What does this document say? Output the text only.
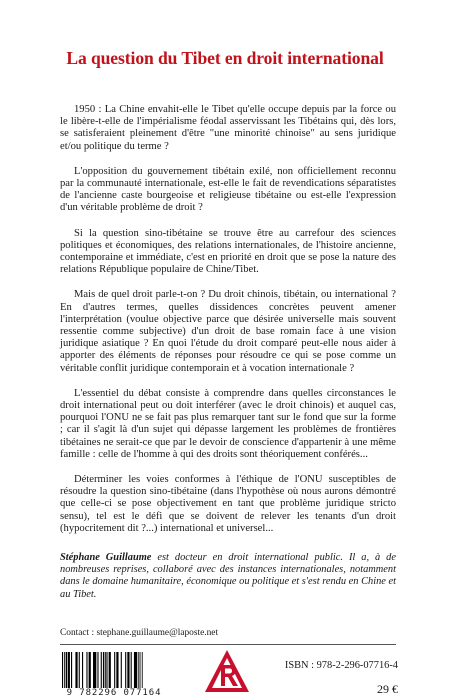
La question du Tibet en droit international

1950 : La Chine envahit-elle le Tibet qu'elle occupe depuis par la force ou le libère-t-elle de l'impérialisme féodal asservissant les Tibétains qui, dès lors, se satisferaient pleinement d'être "une minorité chinoise" au sens juridique et/ou politique du terme ?

L'opposition du gouvernement tibétain exilé, non officiellement reconnu par la communauté internationale, est-elle le fait de revendications séparatistes de l'ancienne caste bourgeoise et religieuse tibétaine ou est-elle l'expression d'un véritable problème de droit ?

Si la question sino-tibétaine se trouve être au carrefour des sciences politiques et économiques, des relations internationales, de l'histoire ancienne, contemporaine et immédiate, c'est en priorité en droit que se pose la nature des relations République populaire de Chine/Tibet.

Mais de quel droit parle-t-on ? Du droit chinois, tibétain, ou international ? En d'autres termes, quelles dissidences concrètes peuvent amener l'interprétation (voulue objective parce que désirée universelle mais souvent ressentie comme subjective) d'un droit de base romain face à une vision juridique asiatique ? En quoi l'étude du droit comparé peut-elle nous aider à apporter des éléments de réponses pour résoudre ce qui se pose comme un véritable conflit juridique contemporain et à vocation internationale ?

L'essentiel du débat consiste à comprendre dans quelles circonstances le droit international peut ou doit interférer (avec le droit chinois) et auquel cas, pourquoi l'ONU ne se fait pas plus remarquer tant sur le fond que sur la forme ; car il s'agit là d'un sujet qui dépasse largement les problèmes de frontières tibétaines ne serait-ce que par le devoir de conscience d'appartenir à une même famille : celle de l'homme à qui des droits sont théoriquement conférés...

Déterminer les voies conformes à l'éthique de l'ONU susceptibles de résoudre la question sino-tibétaine (dans l'hypothèse où nous aurons démontré que celle-ci se pose objectivement en tant que problème juridique stricto sensu), tel est le défi que se doivent de relever les tenants d'un droit (hypocritement dit ?...) international et universel...

Stéphane Guillaume est docteur en droit international public. Il a, à de nombreuses reprises, collaboré avec des instances internationales, notamment dans le domaine humanitaire, économique ou politique et s'est rendu en Chine et au Tibet.

Contact : stephane.guillaume@laposte.net

9 782296 077164

ISBN : 978-2-296-07716-4

29 €
